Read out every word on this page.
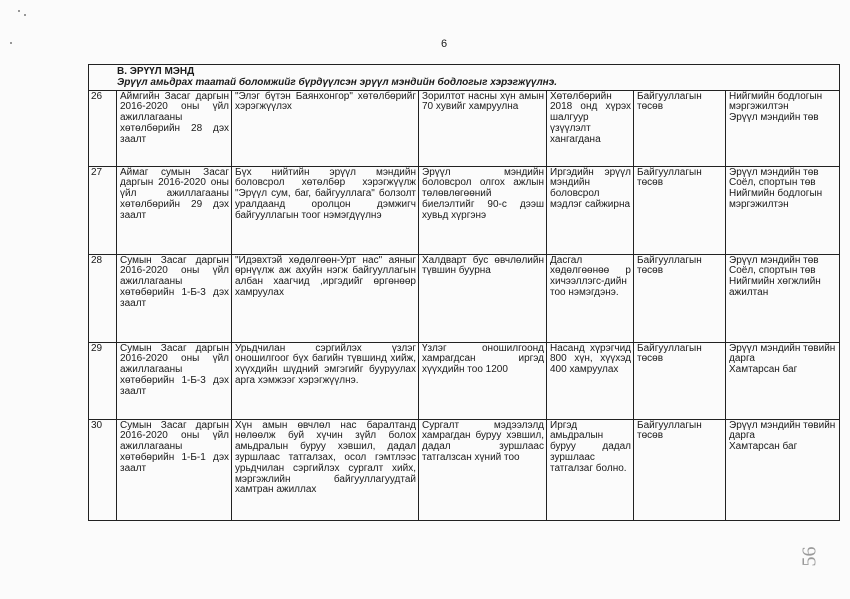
6
56
B. ЭРҮҮЛ МЭНД
Эрүүл амьдрах таатай боломжийг бүрдүүлсэн эрүүл мэндийн бодлогыг хэрэгжүүлнэ.						

26	Аймгийн Засаг даргын 2016-2020 оны үйл ажиллагааны хөтөлбөрийн 28 дэх заалт	"Элэг бүтэн Баянхонгор" хөтөлбөрийг хэрэгжүүлэх	Зорилтот насны хүн амын 70 хувийг хамруулна	Хөтөлбөрийн 2018 онд хүрэх шалгуур үзүүлэлт хангагдана	Байгууллагын төсөв	Нийгмийн бодлогын мэргэжилтэн
Эрүүл мэндийн төв

27	Аймаг сумын Засаг даргын 2016-2020 оны үйл ажиллагааны хөтөлбөрийн 29 дэх заалт	Бүх нийтийн эрүүл мэндийн боловсрол хөтөлбөр хэрэгжүүлж "Эрүүл сум, баг, байгууллага" болзолт уралдаанд оролцон дэмжигч байгууллагын тоог нэмэгдүүлнэ	Эрүүл мэндийн боловсрол олгох ажлын төлөвлөгөөний биелэлтийг 90-с дээш хувьд хүргэнэ	Иргэдийн эрүүл мэндийн боловсрол мэдлэг сайжирна	Байгууллагын төсөв	Эрүүл мэндийн төв
Соёл, спортын төв
Нийгмийн бодлогын мэргэжилтэн

28	Сумын Засаг даргын 2016-2020 оны үйл ажиллагааны хөтөбөрийн 1-Б-3 дэх заалт	"Идэвхтэй хөдөлгөөн-Урт нас" аяныг өрнүүлж аж ахуйн нэгж байгууллагын албан хаагчид ,иргэдийг өргөнөөр хамруулах	Халдварт бус өвчлөлийн түвшин буурна	Дасгал хөдөлгөөнөө р хичээллэгс-дийн тоо нэмэгдэнэ.	Байгууллагын төсөв	Эрүүл мэндийн төв
Соёл, спортын төв
Нийгмийн хөгжлийн ажилтан

29	Сумын Засаг даргын 2016-2020 оны үйл ажиллагааны хөтөбөрийн 1-Б-3 дэх заалт	Урьдчилан сэргийлэх үзлэг оношилгоог бүх багийн түвшинд хийж, хүүхдийн шүдний эмгэгийг бууруулах арга хэмжээг хэрэгжүүлнэ.	Үзлэг оношилгоонд хамрагдсан иргэд хүүхдийн тоо 1200	Насанд хүрэгчид 800 хүн, хүүхэд 400 хамруулах	Байгууллагын төсөв	Эрүүл мэндийн төвийн дарга
Хамтарсан баг

30	Сумын Засаг даргын 2016-2020 оны үйл ажиллагааны хөтөбөрийн 1-Б-1 дэх заалт	Хүн амын өвчлөл нас баралтанд нөлөөлж буй хүчин зүйл болох амьдралын буруу хэвшил, дадал зуршлаас татгалзах, осол гэмтлээс урьдчилан сэргийлэх сургалт хийх, мэргэжлийн байгууллагуудтай хамтран ажиллах	Сургалт мэдээлэлд хамрагдан буруу хэвшил, дадал зуршлаас татгалзсан хүний тоо	Иргэд амьдралын буруу дадал зуршлаас татгалзаг болно.	Байгууллагын төсөв	Эрүүл мэндийн төвийн дарга
Хамтарсан баг
